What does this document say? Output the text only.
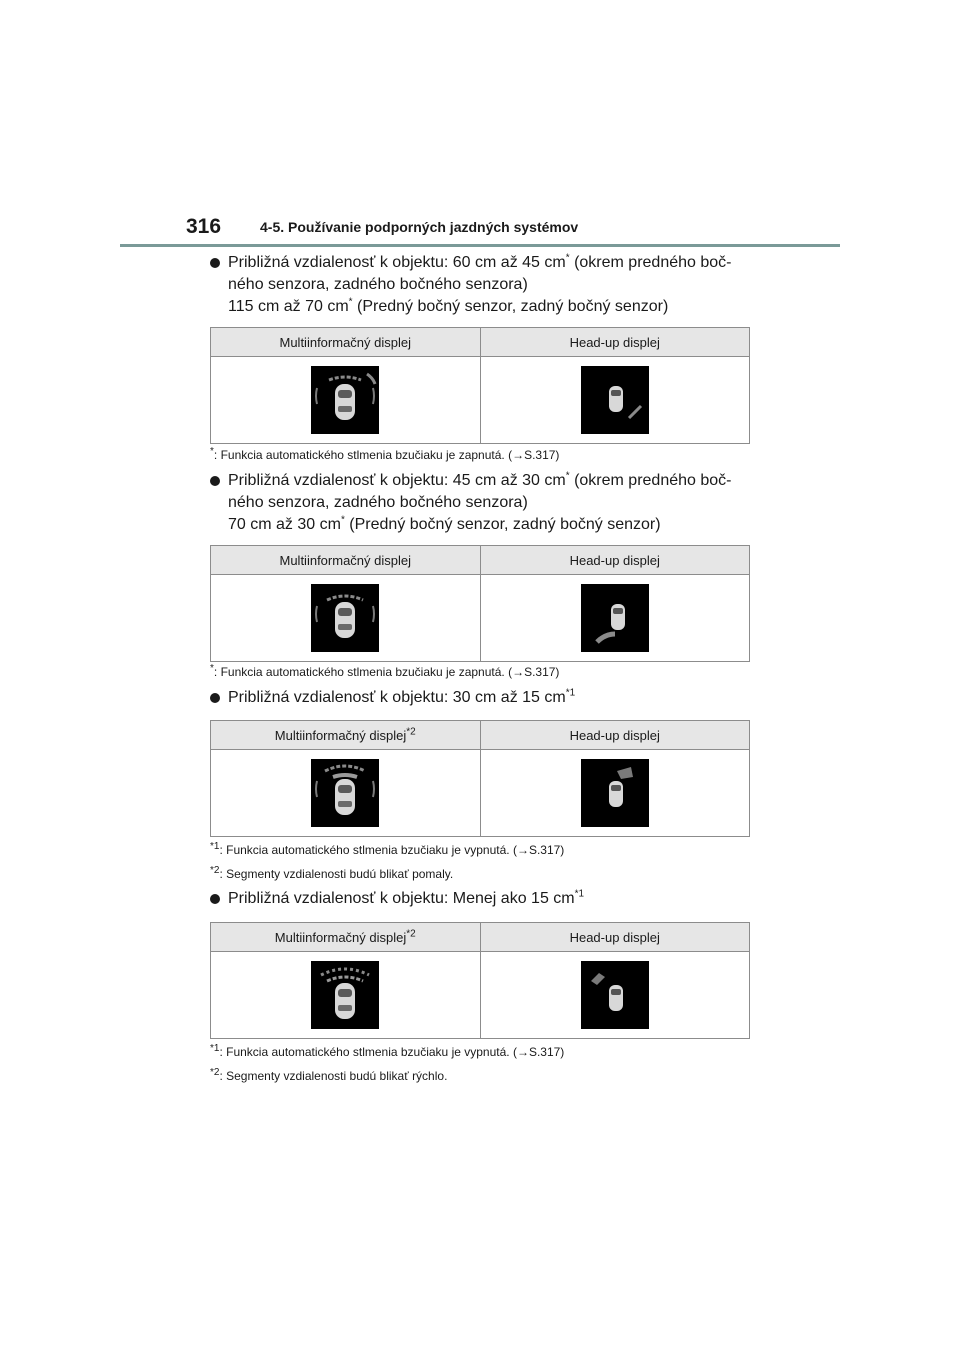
316	4-5. Používanie podporných jazdných systémov
Približná vzdialenosť k objektu: 60 cm až 45 cm* (okrem predného boč-
ného senzora, zadného bočného senzora)
115 cm až 70 cm* (Predný bočný senzor, zadný bočný senzor)
Multiinformačný displej	Head-up displej

*: Funkcia automatického stlmenia bzučiaku je zapnutá. (→S.317)
Približná vzdialenosť k objektu: 45 cm až 30 cm* (okrem predného boč-
ného senzora, zadného bočného senzora)
70 cm až 30 cm* (Predný bočný senzor, zadný bočný senzor)
Multiinformačný displej	Head-up displej

*: Funkcia automatického stlmenia bzučiaku je zapnutá. (→S.317)
Približná vzdialenosť k objektu: 30 cm až 15 $cm^{*1}$
Multiinformačný displej$^{*2}$	Head-up displej

$^{*1}$: Funkcia automatického stlmenia bzučiaku je vypnutá. (→S.317)
$^{*2}$: Segmenty vzdialenosti budú blikať pomaly.
Približná vzdialenosť k objektu: Menej ako 15 $cm^{*1}$
Multiinformačný displej$^{*2}$	Head-up displej

$^{*1}$: Funkcia automatického stlmenia bzučiaku je vypnutá. (→S.317)
$^{*2}$: Segmenty vzdialenosti budú blikať rýchlo.
